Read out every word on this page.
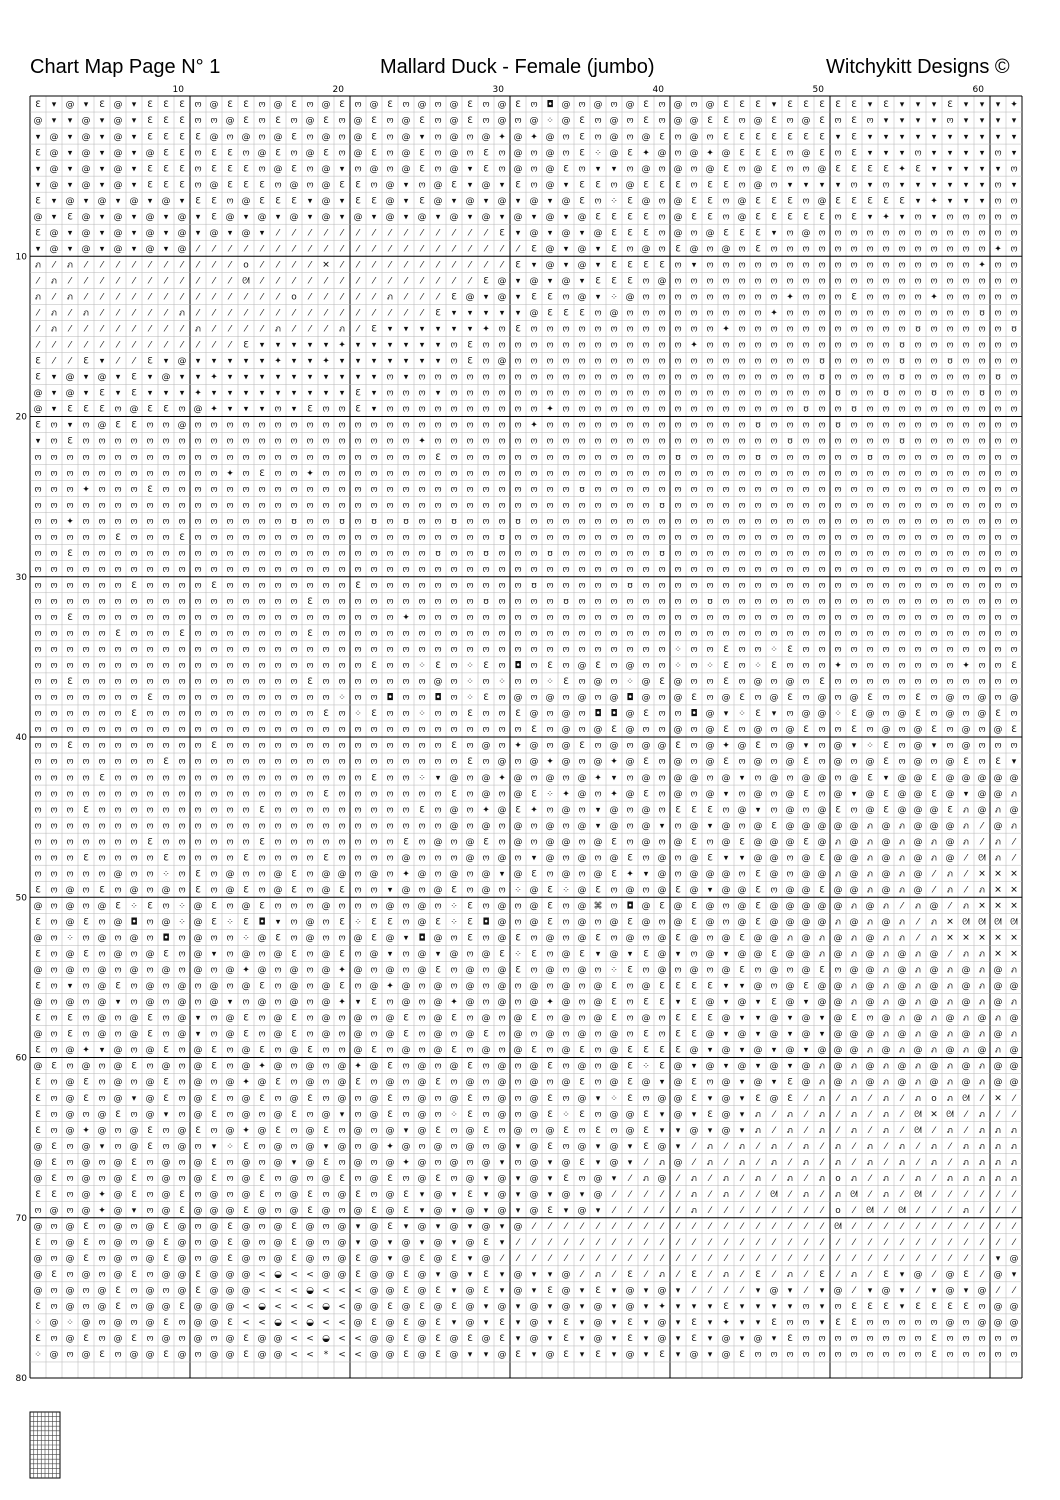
Chart Map Page N° 1	Mallard Duck - Female (jumbo)	Witchykitt Designs ©
Ɛ ▾ @ ▾ Ɛ @ ▾ Ɛ Ɛ Ɛ ო @ Ɛ Ɛ ო @ Ɛ ო @ Ɛ ო @ Ɛ ო @ ო @ Ɛ ო @ Ɛ ო ◘ @ ო @ ო @ Ɛ ო @ ო @ Ɛ Ɛ Ɛ ▾ Ɛ Ɛ Ɛ Ɛ Ɛ ▾ Ɛ ▾ ▾ ▾ Ɛ ▾ ▾ ▾ ✦
@ ▾ ▾ @ ▾ @ ▾ Ɛ Ɛ Ɛ ო ო @ Ɛ ო Ɛ ო @ Ɛ ო @ Ɛ ო @ Ɛ ო @ Ɛ ო @ ო @ ⁘ @ Ɛ ო @ ო Ɛ ო @ @ Ɛ Ɛ ო @ Ɛ ო @ Ɛ ო Ɛ ო ▾ ▾ ▾ ▾ ო ▾ ▾ ▾ ▾
▾ @ ▾ @ ▾ @ ▾ Ɛ Ɛ Ɛ Ɛ @ ო @ ო @ Ɛ ო @ ო @ Ɛ ო @ ▾ ო @ ო @ ✦ @ ✦ @ ო Ɛ ო @ ო @ Ɛ ო @ ო Ɛ Ɛ Ɛ Ɛ Ɛ Ɛ Ɛ ▾ Ɛ ▾ ▾ ▾ ▾ ▾ ▾ ▾ ▾ ▾ ▾
Ɛ @ ▾ @ ▾ @ ▾ @ Ɛ Ɛ ო Ɛ Ɛ ო @ Ɛ ო @ Ɛ ო @ Ɛ ო @ Ɛ ო @ ო Ɛ ო @ ო @ ო Ɛ ⁘ @ Ɛ ✦ @ ო @ ✦ @ Ɛ Ɛ Ɛ ო @ Ɛ ო Ɛ ▾ ▾ ▾ ო ▾ ▾ ▾ ▾ ო ▾
▾ @ ▾ @ ▾ @ ▾ Ɛ Ɛ Ɛ ო Ɛ Ɛ Ɛ ო @ Ɛ ო @ ▾ ო @ ო @ Ɛ ო @ ▾ Ɛ ო @ ო @ Ɛ ო ▾ ▾ ო @ ო @ ო @ Ɛ ო @ Ɛ ო ო @ Ɛ Ɛ Ɛ Ɛ ✦ Ɛ ▾ ▾ ▾ ▾ ▾ ო
▾ @ ▾ @ ▾ @ ▾ Ɛ Ɛ Ɛ ო @ Ɛ Ɛ Ɛ ო @ ო @ Ɛ Ɛ ო @ ▾ ო @ Ɛ ▾ @ ▾ Ɛ ო @ ▾ Ɛ Ɛ ო @ Ɛ Ɛ Ɛ ო Ɛ Ɛ ო @ ო ▾ ▾ ▾ ▾ ო ▾ ო ▾ ▾ ▾ ▾ ▾ ▾ ო ▾
Ɛ ▾ @ ▾ @ ▾ @ ▾ @ ▾ Ɛ Ɛ ო @ Ɛ Ɛ Ɛ ▾ @ ▾ Ɛ Ɛ @ ▾ Ɛ @ ▾ @ ▾ @ ▾ @ ▾ @ Ɛ ო ⁘ Ɛ @ ო @ Ɛ Ɛ ო @ Ɛ Ɛ Ɛ ო @ Ɛ Ɛ Ɛ Ɛ Ɛ ▾ ✦ ▾ ▾ ▾ ო ო
@ ▾ Ɛ @ ▾ @ ▾ @ ▾ @ ▾ Ɛ @ ▾ @ ▾ @ ▾ @ ▾ @ ▾ @ ▾ @ ▾ @ ▾ @ ▾ @ ▾ @ ▾ @ Ɛ Ɛ Ɛ Ɛ ო @ Ɛ Ɛ ო @ Ɛ Ɛ Ɛ Ɛ Ɛ ო Ɛ ▾ ✦ ▾ ო ▾ ო ო ო ო ო
Ɛ @ ▾ @ ▾ @ ▾ @ ▾ @ ▾ @ ▾ @ ▾ ⁄ ⁄ ⁄ ⁄ ⁄ ⁄ ⁄ ⁄ ⁄ ⁄ ⁄ ⁄ ⁄ ⁄ Ɛ ▾ @ ▾ @ ▾ @ Ɛ Ɛ Ɛ ო @ ო @ Ɛ Ɛ Ɛ ▾ ო @ ო ო ო ო ო ო ო ო ო ო ო ო ო
▾ @ ▾ @ ▾ @ ▾ @ ▾ @ ⁄ ⁄ ⁄ ⁄ ⁄ ⁄ ⁄ ⁄ ⁄ ⁄ ⁄ ⁄ ⁄ ⁄ ⁄ ⁄ ⁄ ⁄ ⁄ ⁄ ⁄ Ɛ @ ▾ @ ▾ Ɛ ო @ ო Ɛ @ ო @ ო Ɛ ო ო ო ო ო ო ო ო ო ო ო ო ო ო ✦ ო
ภ ⁄ ภ ⁄ ⁄ ⁄ ⁄ ⁄ ⁄ ⁄ ⁄ ⁄ ⁄ o ⁄ ⁄ ⁄ ⁄ ✕ ⁄ ⁄ ⁄ ⁄ ⁄ ⁄ ⁄ ⁄ ⁄ ⁄ ⁄ Ɛ ▾ @ ▾ @ ▾ Ɛ Ɛ Ɛ Ɛ ო ▾ ო ო ო ო ო ო ო ო ო ო ო ო ო ო ო ო ო ✦ ო ო
⁄ ภ ⁄ ⁄ ⁄ ⁄ ⁄ ⁄ ⁄ ⁄ ⁄ ⁄ ⁄ ᘛ ⁄ ⁄ ⁄ ⁄ ⁄ ⁄ ⁄ ⁄ ⁄ ⁄ ⁄ ⁄ ⁄ ⁄ Ɛ @ ▾ @ ▾ @ ▾ Ɛ Ɛ Ɛ ო @ ო ო ო ო ო ო ო ო ო ო ო ო ო ო ო ო ო ო ო ო ო ო
ภ ⁄ ภ ⁄ ⁄ ⁄ ⁄ ⁄ ⁄ ⁄ ⁄ ⁄ ⁄ ⁄ ⁄ ⁄ o ⁄ ⁄ ⁄ ⁄ ⁄ ภ ⁄ ⁄ ⁄ Ɛ @ ▾ @ ▾ Ɛ Ɛ ო @ ▾ ⁘ @ ო ო ო ო ო ო ო ო ო ✦ ო ო ო Ɛ ო ო ო ო ✦ ო ო ო ო ო
⁄ ภ ⁄ ภ ⁄ ⁄ ⁄ ⁄ ⁄ ภ ⁄ ⁄ ⁄ ⁄ ⁄ ⁄ ⁄ ⁄ ⁄ ⁄ ⁄ ⁄ ⁄ ⁄ ⁄ Ɛ ▾ ▾ ▾ ▾ ▾ @ Ɛ Ɛ Ɛ ო @ ო ო ო ო ო ო ო ო ო ✦ ო ო ო ო ო ო ო ო ო ო ო ო ʊ ო ო
⁄ ภ ⁄ ⁄ ⁄ ⁄ ⁄ ⁄ ⁄ ⁄ ภ ⁄ ⁄ ⁄ ⁄ ภ ⁄ ⁄ ⁄ ภ ⁄ Ɛ ▾ ▾ ▾ ▾ ▾ ▾ ✦ ო Ɛ ო ო ო ო ო ო ო ო ო ო ო ო ✦ ო ო ო ო ო ო ო ო ო ო ო ʊ ო ო ო ო ო ʊ
⁄ ⁄ ⁄ ⁄ ⁄ ⁄ ⁄ ⁄ ⁄ ⁄ ⁄ ⁄ ⁄ Ɛ ▾ ▾ ▾ ▾ ▾ ✦ ▾ ▾ ▾ ▾ ▾ ▾ ო Ɛ ო ო ო ო ო ო ო ო ო ო ო ო ო ✦ ო ო ო ო ო ო ო ო ო ო ო ო ʊ ო ო ო ო ო ო ო
Ɛ ⁄ ⁄ Ɛ ▾ ⁄ ⁄ Ɛ ▾ @ ▾ ▾ ▾ ▾ ▾ ✦ ▾ ▾ ✦ ▾ ▾ ▾ ▾ ▾ ▾ ▾ ო Ɛ ო @ ო ო ო ო ო ო ო ო ო ო ო ო ო ო ო ო ო ო ო ʊ ო ო ო ო ʊ ო ო ʊ ო ო ო ო
Ɛ ▾ @ ▾ @ ▾ Ɛ ▾ @ ▾ ▾ ✦ ▾ ▾ ▾ ▾ ▾ ▾ ▾ ▾ ▾ ▾ ო ▾ ო ო ო ო ო ო ო ო ო ო ო ო ო ო ო ო ო ო ო ო ო ო ო ო ო ʊ ო ო ო ო ʊ ო ო ო ო ო ʊ ო
@ ▾ @ ▾ Ɛ ▾ Ɛ ▾ ▾ ▾ ✦ ▾ ▾ ▾ ▾ ▾ ▾ ▾ ▾ ▾ Ɛ ▾ ო ო ო ▾ ო ო ო ო ო ო ო ო ო ო ო ო ო ო ო ო ო ო ო ო ო ო ო ო ʊ ო ო ʊ ო ო ʊ ო ო ʊ ო ო
@ ▾ Ɛ Ɛ Ɛ ო @ Ɛ Ɛ ო @ ✦ ▾ ▾ ▾ ო ▾ Ɛ ო ო Ɛ ▾ ო ო ო ო ო ო ო ო ო ო ✦ ო ო ო ო ო ო ო ო ო ო ო ო ო ო ო ʊ ო ო ʊ ო ო ო ო ო ო ო ო ო ო
Ɛ ო ▾ ო @ Ɛ Ɛ ო ო @ ო ო ო ო ო ო ო ო ო ო ო ო ო ო ო ო ო ო ო ო ო ✦ ო ო ო ო ო ო ო ო ო ო ო ო ო ʊ ო ო ო ო ʊ ო ო ო ო ო ო ო ო ო ო ო
▾ ო Ɛ ო ო ო ო ო ო ო ო ო ო ო ო ო ო ო ო ო ო ო ო ო ✦ ო ო ო ო ო ო ო ო ო ო ო ო ო ო ო ო ო ო ო ო ო ო ʊ ო ო ო ო ო ო ʊ ო ო ო ო ო ო ო
ო ო ო ო ო ო ო ო ო ო ო ო ო ო ო ო ო ო ო ო ო ო ო ო ო Ɛ ო ო ო ო ო ო ო ო ო ო ო ო ო ო ʊ ო ო ო ო ʊ ო ო ო ო ო ო ʊ ო ო ო ო ო ო ო ო ო
ო ო ო ო ო ო ო ო ო ო ო ო ✦ ო Ɛ ო ო ✦ ო ო ო ო ო ო ო ო ო ო ო ო ო ო ო ო ო ო ო ო ო ო ო ო ო ო ო ო ო ო ო ო ო ო ო ო ო ო ო ო ო ო ო ო
ო ო ო ✦ ო ო ო Ɛ ო ო ო ო ო ო ო ო ო ო ო ო ო ო ო ო ო ო ო ო ო ო ო ო ო ო ʊ ო ო ო ო ო ო ო ო ო ო ო ო ო ო ო ო ო ო ო ო ო ო ო ო ო ო ო
ო ო ო ო ო ო ო ო ო ო ო ო ო ო ო ო ო ო ო ო ო ო ო ო ო ო ო ო ო ო ო ო ო ო ო ო ო ო ო ʊ ო ო ო ო ო ო ო ო ო ო ო ო ო ო ო ო ო ო ო ო ო ო
ო ო ✦ ო ო ო ო ო ო ო ო ო ო ო ო ო ʊ ო ო ʊ ო ʊ ო ʊ ო ო ʊ ო ო ო ʊ ო ო ო ო ო ო ო ო ო ო ო ო ო ო ო ო ო ო ო ო ო ო ო ო ო ო ო ო ო ო ო
ო ო ო ო ო Ɛ ო ო ო Ɛ ო ო ო ო ო ო ო ო ო ო ო ო ო ო ო ო ო ო ო ʊ ო ო ო ო ო ო ო ო ო ო ო ო ო ო ო ო ო ო ო ო ო ო ო ო ო ო ო ო ო ო ო ო
ო ო Ɛ ო ო ო ო ო ო ო ო ო ო ო ო ო ო ო ო ო ო ო ო ო ო ʊ ო ო ʊ ო ო ო ʊ ო ო ო ო ო ო ʊ ო ო ო ო ო ო ო ო ო ო ო ო ო ო ო ო ო ო ო ო ო ო
ო ო ო ო ო ო ო ო ო ო ო ო ო ო ო ო ო ო ო ო ო ო ო ო ო ო ო ო ო ო ო ო ო ო ო ო ო ო ო ო ო ო ო ო ო ო ო ო ო ო ო ო ო ო ო ო ო ო ო ო ო ო
ო ო ო ო ო ო Ɛ ო ო ო ო Ɛ ო ო ო ო ო ო ო ო Ɛ ო ო ო ო ო ო ო ო ო ო ʊ ო ო ო ო ო ʊ ო ო ო ო ო ო ო ო ო ო ო ო ო ო ო ო ო ო ო ო ო ო ო ო
ო ო ო ო ო ო ო ო ო ო ო ო ო ო ო ო ო Ɛ ო ო ო ო ო ო ო ო ო ო ʊ ო ო ო ო ʊ ო ო ო ო ო ო ო ო ʊ ო ო ო ო ო ო ო ო ო ო ო ო ო ო ო ო ო ო ო
ო ო Ɛ ო ო ო ო ო ო ო ო ო ო ო ო ო ო ო ო ო ო ო ო ✦ ო ო ო ო ო ო ო ო ო ო ო ო ო ო ო ო ო ო ო ო ო ო ო ო ო ო ო ო ო ო ო ო ო ო ო ო ო ო
ო ო ო ო ო Ɛ ო ო ო Ɛ ო ო ო ო ო ო ო Ɛ ო ო ო ო ო ო ო ო ო ო ო ო ო ო ო ო ო ო ო ო ო ო ო ო ო ო ო ო ო ო ო ო ო ო ო ო ო ო ო ო ო ო ო ო
ო ო ო ო ო ო ო ო ო ო ო ო ო ო ო ო ო ო ო ო ო ო ო ო ო ო ო ო ო ო ო ო ო ო ო ო ო ო ო ო ⁘ ო ო Ɛ ო ო ⁘ Ɛ ო ო ო ო ო ო ო ო ო ო ო ო ო ო
ო ო ო ო ო ო ო ო ო ო ო ო ო ო ო ო ო ო ო ო ო Ɛ ო ო ⁘ Ɛ ო ⁘ Ɛ ო ◘ ო Ɛ ო @ Ɛ ო @ ო ო ⁘ ო ⁘ Ɛ ო ⁘ Ɛ ო ო ო ✦ ო ო ო ო ო ო ო ✦ ო ო Ɛ
ო ო Ɛ ო ო ო ო ო ო ო ო ო ო ო ო ო ო Ɛ ო ო ო ო ო ო ო @ ო ⁘ ო ⁘ ო ო ⁘ Ɛ ო @ ო ⁘ @ Ɛ @ ო ო Ɛ ო @ ო @ ო Ɛ ო ო ო ო ო ო ო ო ო ო ო ო
ო ო ო ო ო ო ო Ɛ ო ო ო ო ო ო ო ო ო ო ო ⁘ ო ო ◘ ო ო ◘ ო ⁘ Ɛ ო @ ო @ ო @ ო @ ◘ @ ო @ Ɛ ო @ Ɛ ო @ Ɛ ო @ ო @ Ɛ ო ო Ɛ ო @ ო @ ო @
ო ო ო ო ო ო Ɛ ო ო ო ო ო ო ო ო ო ო ო Ɛ ო ⁘ Ɛ ო ო ⁘ ო ო Ɛ ო ო Ɛ @ ო @ ო ◘ ◘ @ Ɛ ო ო ◘ @ ▾ ⁘ Ɛ ▾ ო @ @ ⁘ Ɛ @ ო @ Ɛ ო @ ო @ Ɛ ო
ო ო ო ო ო ო ო ო ო ო ო ო ო ო ო ო ო ო ო ო ო ო ო ო ო ო ო ო ო ო ო Ɛ ო @ ო @ Ɛ @ ო ო @ ო @ Ɛ ო @ ო @ Ɛ ო ო Ɛ ო @ ო @ Ɛ ო @ ო @ Ɛ
ო ო Ɛ ო ო ო ო ო ო ო ო Ɛ ო ო ო ო ო ო ო ო ო ო ო ო ო ო Ɛ ო @ ო ✦ @ ო @ Ɛ ო @ ო @ @ Ɛ ო @ ✦ @ Ɛ ო @ ▾ ო @ ▾ ⁘ Ɛ ო @ ▾ ო @ ო ო ო
ო ო ო ო ო ო ო ო Ɛ ო ო ო ო ო ო ო ო ო ო ო ო ო ო ო ო ო ო Ɛ ო @ ო @ ✦ @ ო @ ✦ @ Ɛ ო @ ო @ Ɛ ო @ ო @ Ɛ ო @ ო @ Ɛ ო @ ო @ Ɛ ო Ɛ ▾
ო ო ო ო Ɛ ო ო ო ო ო ო ო ო ო ო ო ო ო ო ო ო Ɛ ო ო ⁘ ▾ @ ო @ ✦ @ ო @ ო @ ✦ ▾ ო @ ო @ @ ო @ ▾ ო @ ო @ @ ო @ Ɛ ▾ @ @ Ɛ @ @ @ @ @
ო ო ო ო ო ო ო ო ო ო ო ო ო ო ო ო ო ო Ɛ ო ო ო ო ო ო ო Ɛ ო @ ო @ Ɛ ⁘ ✦ @ ო ✦ @ Ɛ ო @ ო @ ▾ ო @ ო @ Ɛ ო @ ▾ @ Ɛ @ @ Ɛ @ ▾ @ @ ภ
ო ო ო Ɛ ო ო ო ო ო ო ო ო ო ო Ɛ ო ო ო ო ო ო ო ო ო Ɛ ო @ ო ✦ @ Ɛ ✦ ო @ ო ▾ @ ო @ ო Ɛ Ɛ Ɛ ო @ ▾ ო @ ო @ Ɛ ო @ Ɛ @ @ @ Ɛ ภ @ ภ @
ო ო ო ო ო ო ო ო ო ო ო ო ო ო ო ო ო ო ო ო ო ო ო ო ო ო @ ო @ ო @ ო @ ო @ ▾ @ ო @ ▾ ო @ ▾ @ ო @ Ɛ @ @ @ @ @ ภ @ ภ @ @ @ ภ ⁄ @ ภ
ო ო ო ო ო ო ო Ɛ ო ო ო ო ო ო Ɛ ო ო ო ო ო ო ო ო Ɛ ო @ ო @ Ɛ ო @ ო @ @ ო @ Ɛ ო @ ო @ Ɛ ო @ Ɛ @ @ @ Ɛ @ ภ @ ภ @ ภ @ ภ @ ภ ⁄ ภ ⁄
ო ო ო Ɛ ო ო ო ო Ɛ ო ო ო ო Ɛ ო ო ო ო Ɛ ო ო ო ო @ ო ო ო @ ო @ ო ▾ @ ო @ ო @ Ɛ ო @ ო @ Ɛ ▾ ▾ @ @ ო @ Ɛ @ @ ภ @ ภ @ ภ @ ⁄ ᘛ ภ ⁄
ო ო ო ო ო @ ო ო ⁘ ო Ɛ ო @ ო ო @ Ɛ ო @ @ ო @ ო ✦ @ ო @ ო @ ▾ @ Ɛ ო @ ო @ Ɛ ✦ ▾ @ ო @ @ @ ო Ɛ @ ო @ @ ภ @ ภ @ ภ @ ⁄ ภ ⁄ ✕ ✕ ✕
Ɛ ო @ ო Ɛ ო @ ო @ ო Ɛ ო @ Ɛ ო @ Ɛ ო @ Ɛ ო ო ▾ @ ო @ Ɛ ო @ ო ⁘ @ Ɛ ⁘ @ Ɛ ო @ ო @ Ɛ @ ▾ @ @ Ɛ ო @ @ Ɛ @ @ ภ @ ภ @ ⁄ ภ ⁄ ภ ✕ ✕
@ ო @ ო @ Ɛ ⁘ Ɛ ო ⁘ @ Ɛ ო @ Ɛ ო ო ო @ ო ო ო @ ო @ ო ⁘ Ɛ ო @ ო @ Ɛ ო @ ⌘ ო ◘ @ Ɛ @ Ɛ @ ო @ Ɛ @ @ @ @ @ ภ @ ภ ⁄ ภ @ ⁄ ภ ✕ ✕ ✕
Ɛ ო @ Ɛ ო @ ◘ ო @ ⁘ @ Ɛ ⁘ Ɛ ◘ ▾ ო @ ო Ɛ ⁘ Ɛ Ɛ ო @ Ɛ ⁘ Ɛ ◘ @ ო @ Ɛ ო @ ო @ Ɛ @ ო @ Ɛ @ ო @ Ɛ @ @ @ @ ภ @ ภ @ ภ ⁄ ภ ✕ ᘛ ᘛ ᘛ ᘛ
@ ო ⁘ ო @ ო @ ო ◘ ო @ ო ო ⁘ @ Ɛ ო @ ო ო @ Ɛ @ ▾ ◘ @ ო Ɛ ო @ Ɛ ო @ ო @ Ɛ ო @ ო @ Ɛ @ ო @ Ɛ @ @ ภ @ ภ @ ภ @ ภ ภ ⁄ ภ ✕ ✕ ✕ ✕ ✕
Ɛ ო @ Ɛ ო @ ო @ Ɛ ო @ ▾ ო @ ო @ Ɛ ო @ Ɛ ო @ ▾ ო @ ▾ @ ო @ Ɛ ⁘ Ɛ ო @ Ɛ ▾ @ ▾ Ɛ @ ▾ ო @ ▾ @ @ Ɛ @ @ ภ @ ภ @ ภ @ ภ @ ⁄ ภ ภ ✕ ✕
@ ო @ ო @ ო @ ო @ ო @ ო @ ✦ @ ო @ ო @ ✦ @ ო @ ო @ Ɛ ო @ ო @ Ɛ ო @ ო @ ო ⁘ Ɛ ო @ ო @ ო @ Ɛ ო @ ო @ Ɛ ო @ @ ภ @ ภ @ ภ @ ภ @ ภ
Ɛ ო ▾ ო @ Ɛ ო @ ო @ ო @ ო @ Ɛ ო @ ო @ Ɛ ო @ ✦ @ ო @ ო @ ო @ ო @ ო @ ო @ Ɛ ო @ Ɛ Ɛ Ɛ Ɛ ▾ ▾ @ ო @ Ɛ @ @ ภ @ ภ @ ภ @ ภ @ ภ @ @
@ ო @ ო @ ▾ ო @ ო @ ო @ ▾ ო @ ო @ ო @ ✦ ▾ Ɛ ო @ ო @ ✦ @ ო @ ო @ ✦ @ ო @ Ɛ ო Ɛ Ɛ ▾ Ɛ @ ▾ @ ▾ Ɛ @ ▾ @ @ ภ @ ภ @ ภ @ ภ @ ภ @ ภ
Ɛ ო Ɛ ო @ ო @ Ɛ ო @ ▾ ო @ Ɛ ო @ Ɛ ო @ ო @ ო @ Ɛ ო @ Ɛ ო @ ო @ Ɛ ო @ ო @ Ɛ ო @ ო Ɛ Ɛ Ɛ @ ▾ ▾ @ ▾ @ ▾ @ Ɛ ო @ ภ @ ภ @ ภ @ ภ @
@ ო Ɛ ო @ ო @ Ɛ ო @ ▾ ო @ Ɛ ო @ Ɛ ო @ ო @ ო @ Ɛ ო @ ო @ Ɛ ო @ ო @ ო @ ო @ ო Ɛ ო Ɛ Ɛ @ ▾ @ ▾ @ ▾ @ ▾ @ @ @ ภ @ ภ @ ภ @ ภ @ ภ
Ɛ ო @ ✦ ▾ @ ო @ Ɛ ო @ Ɛ ო @ Ɛ ო @ Ɛ ო ო @ Ɛ ო @ ო @ Ɛ ო @ ო @ Ɛ ო @ Ɛ ო @ Ɛ Ɛ Ɛ Ɛ @ ▾ @ ▾ @ ▾ @ ▾ @ @ @ ภ @ ภ @ ภ @ ภ @ ภ @
@ Ɛ ო @ ო @ Ɛ ო @ ო @ Ɛ ო @ ✦ @ ო @ ო @ ✦ @ Ɛ ო @ ო @ Ɛ ო @ ო @ Ɛ ო @ ო @ Ɛ ⁘ Ɛ @ ▾ @ ▾ @ ▾ @ ▾ @ ภ @ ภ @ ภ @ ภ @ ภ @ ภ @ @
Ɛ ო @ Ɛ ო @ ო @ Ɛ ო @ ო @ ✦ @ Ɛ ო @ ო @ Ɛ ო @ ო @ Ɛ ო @ ო @ ო @ ო @ Ɛ ო @ Ɛ @ ▾ @ Ɛ ო @ ▾ @ ▾ Ɛ @ ภ @ ภ @ ภ @ ภ @ ภ @ ภ @ @
Ɛ ო @ Ɛ ო @ ▾ @ Ɛ ო @ Ɛ ო @ Ɛ ო @ Ɛ ო @ ო @ Ɛ ო @ ო @ Ɛ ო @ ო @ Ɛ ო @ ▾ ⁘ Ɛ ო @ @ Ɛ ▾ @ ▾ Ɛ @ Ɛ ⁄ ภ ⁄ ภ ⁄ ภ ⁄ ภ o ภ ᘛ ⁄ ✕ ⁄
Ɛ ო @ ო @ Ɛ ო @ ▾ ო @ Ɛ ო @ ო @ Ɛ ო @ ▾ ო @ Ɛ ო @ ო ⁘ Ɛ ო @ ო @ Ɛ ⁘ Ɛ ო @ @ Ɛ ▾ @ ▾ Ɛ @ ▾ ภ ⁄ ภ ⁄ ภ ⁄ ภ ⁄ ภ ⁄ ᘛ ✕ ᘛ ⁄ ภ ⁄ ⁄
Ɛ ო @ ✦ @ ო @ Ɛ ო @ Ɛ ო @ ✦ @ Ɛ ო @ Ɛ ო @ ო @ ▾ @ Ɛ ო @ Ɛ ო @ ო @ Ɛ ო Ɛ ო @ Ɛ ▾ ▾ @ ▾ @ ▾ ภ ⁄ ภ ⁄ ภ ⁄ ภ ⁄ ภ ⁄ ᘛ ⁄ ภ ⁄ ภ ภ ภ
@ Ɛ ო @ ▾ ო @ Ɛ ო @ ო ▾ ⁘ Ɛ ო @ ო @ ▾ @ ო @ ✦ @ ო @ ო @ ო @ ▾ @ Ɛ ო @ ▾ @ ▾ Ɛ @ ▾ ⁄ ภ ⁄ ภ ⁄ ภ ⁄ ภ ⁄ ภ ⁄ ภ ⁄ ภ ⁄ ภ ⁄ ภ ภ ภ ภ
@ Ɛ ო @ ო @ Ɛ ო @ ო @ Ɛ ო @ ო @ ▾ @ Ɛ ო @ ო @ ✦ @ ო @ ო @ ▾ ო @ ▾ @ Ɛ ▾ @ ▾ ⁄ ภ @ ⁄ ภ ⁄ ภ ⁄ ภ ⁄ ภ ⁄ ภ ⁄ ภ ⁄ ภ ⁄ ภ ⁄ ภ ภ ภ ภ
@ Ɛ ო @ ო @ Ɛ ო @ ო @ Ɛ ო @ Ɛ ო @ ო @ Ɛ ო @ Ɛ ო @ Ɛ ო @ ▾ @ ▾ @ ▾ Ɛ ო @ ▾ ⁄ ภ @ ⁄ ภ ⁄ ภ ⁄ ภ ⁄ ภ ⁄ ภ o ภ ⁄ ภ ⁄ ภ ⁄ ภ ภ ภ ภ ภ
Ɛ Ɛ ო @ ✦ @ Ɛ ო @ Ɛ ო @ ო @ Ɛ ო @ Ɛ ო @ Ɛ ო @ Ɛ ▾ @ ▾ Ɛ ▾ @ ▾ @ ▾ @ ▾ @ ⁄ ⁄ ⁄ ⁄ ⁄ ภ ⁄ ภ ⁄ ⁄ ᘛ ⁄ ภ ⁄ ภ ᘛ ⁄ ภ ⁄ ᘛ ⁄ ⁄ ⁄ ⁄ ⁄ ⁄
ო @ ო @ ✦ @ ▾ ო @ Ɛ @ @ @ Ɛ @ ო @ Ɛ @ ო @ Ɛ @ Ɛ ▾ @ ▾ @ ▾ @ ▾ @ Ɛ ▾ @ ▾ ⁄ ⁄ ⁄ ⁄ ⁄ ภ ⁄ ⁄ ⁄ ⁄ ⁄ ⁄ ⁄ ⁄ o ⁄ ᘛ ⁄ ᘛ ⁄ ⁄ ⁄ ภ ⁄ ⁄ ⁄
@ ო @ Ɛ ო @ ო @ Ɛ @ ო @ Ɛ @ ო @ Ɛ @ ო @ ▾ @ Ɛ ▾ @ ▾ @ ▾ @ ▾ @ ⁄ ⁄ ⁄ ⁄ ⁄ ⁄ ⁄ ⁄ ⁄ ⁄ ⁄ ⁄ ⁄ ⁄ ⁄ ⁄ ⁄ ⁄ ⁄ ᘛ ⁄ ⁄ ⁄ ⁄ ⁄ ⁄ ⁄ ⁄ ⁄ ⁄ ⁄
Ɛ ო @ Ɛ ო @ ო @ Ɛ @ ო @ Ɛ @ ო @ Ɛ @ ო @ ▾ @ ▾ @ ▾ @ ▾ @ Ɛ ▾ ⁄ ⁄ ⁄ ⁄ ⁄ ⁄ ⁄ ⁄ ⁄ ⁄ ⁄ ⁄ ⁄ ⁄ ⁄ ⁄ ⁄ ⁄ ⁄ ⁄ ⁄ ⁄ ⁄ ⁄ ⁄ ⁄ ⁄ ⁄ ⁄ ⁄ ⁄ ⁄
@ ო @ Ɛ ო @ ო @ Ɛ @ ო @ Ɛ @ ო @ Ɛ @ ო @ Ɛ @ ▾ @ Ɛ @ Ɛ ▾ @ ⁄ ⁄ ⁄ ⁄ ⁄ ⁄ ⁄ ⁄ ⁄ ⁄ ⁄ ⁄ ⁄ ⁄ ⁄ ⁄ ⁄ ⁄ ⁄ ⁄ ⁄ ⁄ ⁄ ⁄ ⁄ ⁄ ⁄ ⁄ ⁄ ⁄ ⁄ ▾ @
@ Ɛ ო @ ო @ Ɛ ო @ @ Ɛ @ @ @ < ◒ < < @ @ Ɛ @ @ Ɛ @ ▾ @ ▾ Ɛ ▾ @ ▾ ▾ @ ⁄ ภ ⁄ Ɛ ⁄ ภ ⁄ Ɛ ⁄ ภ ⁄ Ɛ ⁄ ภ ⁄ Ɛ ⁄ ภ ⁄ Ɛ ▾ @ ⁄ @ Ɛ ⁄ @ ▾
@ ო @ ო @ Ɛ ო @ ო @ Ɛ @ @ @ < < < ◒ < < < @ @ Ɛ @ Ɛ ▾ @ Ɛ ▾ @ ▾ Ɛ @ ▾ Ɛ ▾ @ ▾ @ ▾ ⁄ ⁄ ⁄ ⁄ ▾ @ ▾ ⁄ ▾ @ ⁄ ▾ @ ▾ ⁄ ▾ @ ▾ @ ⁄ ⁄
Ɛ ო @ ო @ Ɛ ო @ @ Ɛ @ @ @ < ◒ < < < ◒ < @ @ Ɛ @ Ɛ @ Ɛ @ ▾ @ ▾ @ ▾ @ ▾ @ ▾ @ ▾ ✦ ▾ ▾ ▾ Ɛ ▾ ▾ ▾ ▾ ო ▾ ო Ɛ Ɛ Ɛ ▾ Ɛ Ɛ Ɛ Ɛ ო @ @
⁘ @ ⁘ @ ო @ ო @ Ɛ ო @ @ Ɛ < < ◒ < ◒ < < @ Ɛ @ Ɛ @ Ɛ ▾ @ ▾ Ɛ ▾ @ ▾ Ɛ ▾ @ ▾ Ɛ ▾ @ ▾ Ɛ ▾ ✦ ▾ ▾ Ɛ ო ო ▾ Ɛ Ɛ ო ო ო ო ო @ ო @ @ @
Ɛ ო @ Ɛ ო @ Ɛ ო @ ო @ ო @ Ɛ @ @ < < ◒ < < @ @ Ɛ @ Ɛ @ Ɛ @ Ɛ ▾ @ ▾ Ɛ ▾ @ ▾ Ɛ ▾ @ ▾ Ɛ ▾ @ ▾ @ ▾ Ɛ ო ო ო ო ო ო ო ო Ɛ ო ო ო ო ო
⁘ @ ო @ Ɛ ო @ @ Ɛ @ ო @ @ Ɛ @ @ < < * < < @ @ Ɛ @ Ɛ @ ▾ ▾ @ Ɛ ▾ @ Ɛ ▾ Ɛ ▾ @ ▾ Ɛ ▾ @ ▾ @ Ɛ ო ო ო ო ო ო ო ო ო ო ო Ɛ ო ო ო ო ო
10	20	30	40	50	60
10
20
30
40
50
60
70
80
